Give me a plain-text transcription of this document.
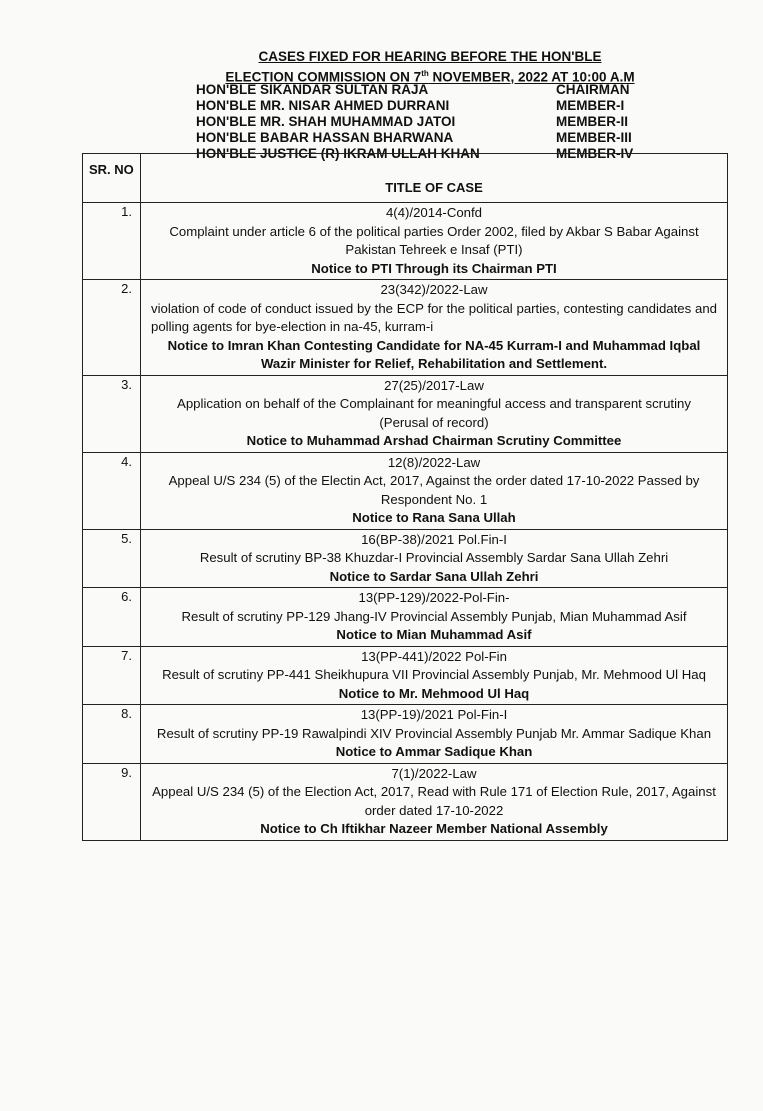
CASES FIXED FOR HEARING BEFORE THE HON'BLE
ELECTION COMMISSION ON 7th NOVEMBER, 2022 AT 10:00 A.M
HON'BLE SIKANDAR SULTAN RAJA	CHAIRMAN
HON'BLE MR. NISAR AHMED DURRANI	MEMBER-I
HON'BLE MR. SHAH MUHAMMAD JATOI	MEMBER-II
HON'BLE BABAR HASSAN BHARWANA	MEMBER-III
HON'BLE JUSTICE (R) IKRAM ULLAH KHAN	MEMBER-IV
SR. NO	TITLE OF CASE
1.	4(4)/2014-Confd
Complaint under article 6 of the political parties Order 2002, filed by Akbar S Babar Against Pakistan Tehreek e Insaf (PTI)
Notice to PTI Through its Chairman PTI

2.	23(342)/2022-Law
violation of code of conduct issued by the ECP for the political parties, contesting candidates and polling agents for bye-election in na-45, kurram-i
Notice to Imran Khan Contesting Candidate for NA-45 Kurram-I and Muhammad Iqbal Wazir Minister for Relief, Rehabilitation and Settlement.

3.	27(25)/2017-Law
Application on behalf of the Complainant for meaningful access and transparent scrutiny (Perusal of record)
Notice to Muhammad Arshad Chairman Scrutiny Committee

4.	12(8)/2022-Law
Appeal U/S 234 (5) of the Electin Act, 2017, Against the order dated 17-10-2022 Passed by Respondent No. 1
Notice to Rana Sana Ullah

5.	16(BP-38)/2021 Pol.Fin-I
Result of scrutiny BP-38 Khuzdar-I Provincial Assembly Sardar Sana Ullah Zehri
Notice to Sardar Sana Ullah Zehri

6.	13(PP-129)/2022-Pol-Fin-
Result of scrutiny PP-129 Jhang-IV Provincial Assembly Punjab, Mian Muhammad Asif
Notice to Mian Muhammad Asif

7.	13(PP-441)/2022 Pol-Fin
Result of scrutiny PP-441 Sheikhupura VII Provincial Assembly Punjab, Mr. Mehmood Ul Haq
Notice to Mr. Mehmood Ul Haq

8.	13(PP-19)/2021 Pol-Fin-I
Result of scrutiny PP-19 Rawalpindi XIV Provincial Assembly Punjab Mr. Ammar Sadique Khan
Notice to Ammar Sadique Khan

9.	7(1)/2022-Law
Appeal U/S 234 (5) of the Election Act, 2017, Read with Rule 171 of Election Rule, 2017, Against order dated 17-10-2022
Notice to Ch Iftikhar Nazeer Member National Assembly
